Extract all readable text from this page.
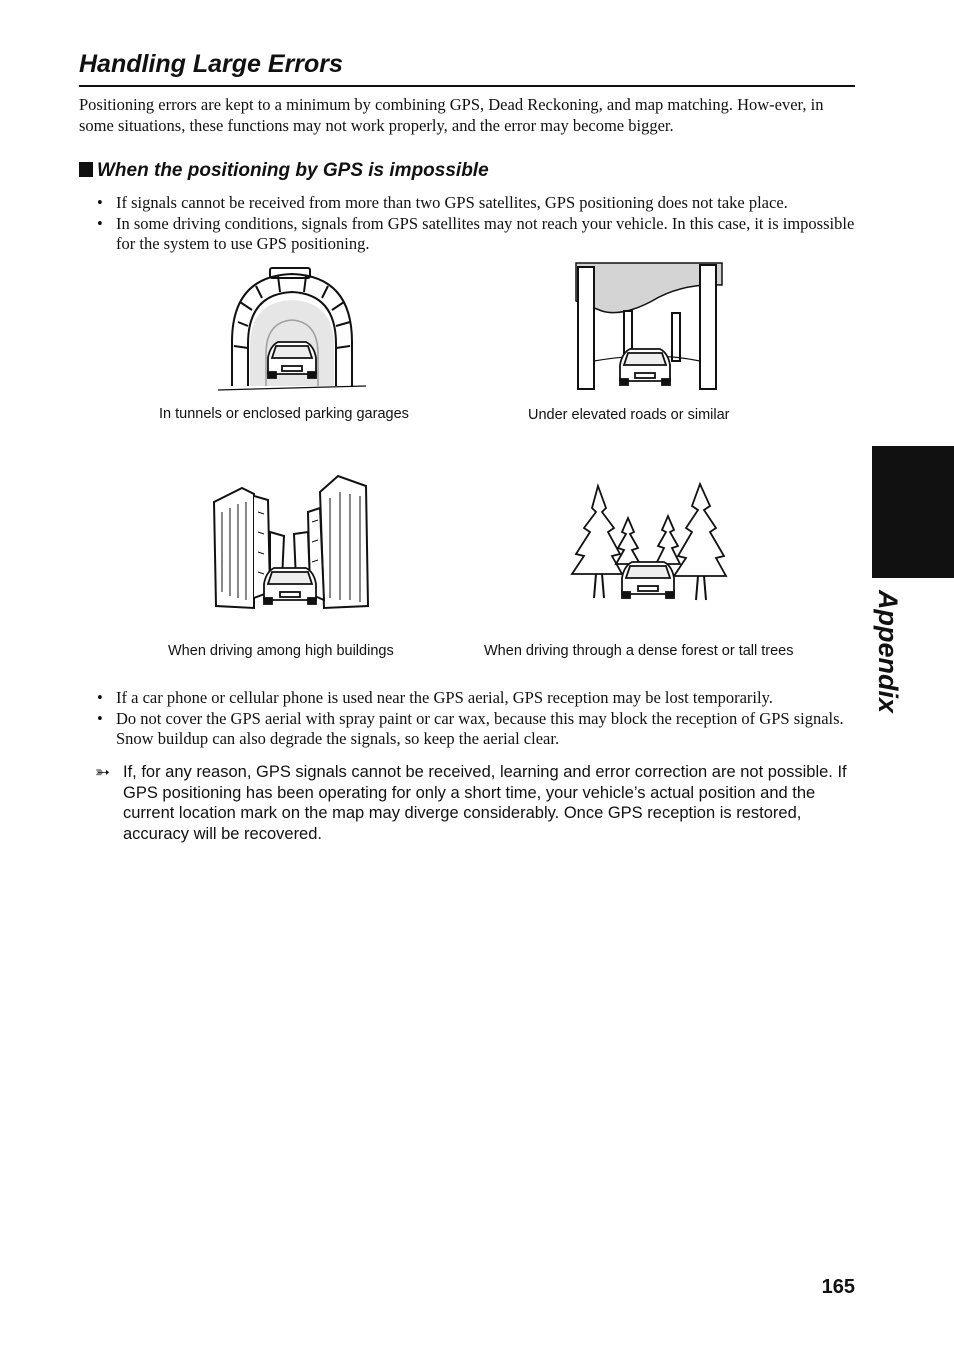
Handling Large Errors

Positioning errors are kept to a minimum by combining GPS, Dead Reckoning, and map matching. How-ever, in some situations, these functions may not work properly, and the error may become bigger.

When the positioning by GPS is impossible
• If signals cannot be received from more than two GPS satellites, GPS positioning does not take place.
• In some driving conditions, signals from GPS satellites may not reach your vehicle. In this case, it is impossible for the system to use GPS positioning.

In tunnels or enclosed parking garages	Under elevated roads or similar

When driving among high buildings	When driving through a dense forest or tall trees

• If a car phone or cellular phone is used near the GPS aerial, GPS reception may be lost temporarily.
• Do not cover the GPS aerial with spray paint or car wax, because this may block the reception of GPS signals. Snow buildup can also degrade the signals, so keep the aerial clear.
➳ If, for any reason, GPS signals cannot be received, learning and error correction are not possible. If GPS positioning has been operating for only a short time, your vehicle’s actual position and the current location mark on the map may diverge considerably. Once GPS reception is restored, accuracy will be recovered.

Appendix

165
